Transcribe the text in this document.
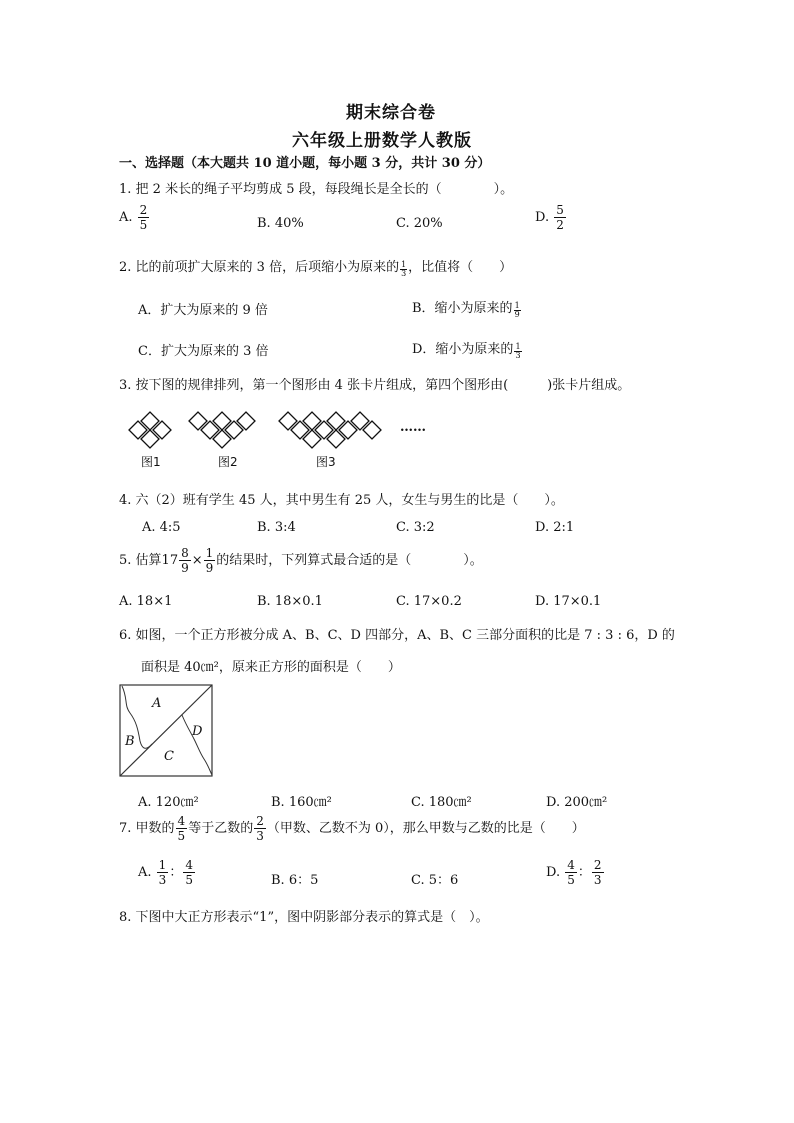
期末综合卷
六年级上册数学人教版
一、选择题（本大题共 10 道小题，每小题 3 分，共计 30 分）
1. 把 2 米长的绳子平均剪成 5 段，每段绳长是全长的（　　　　）。
A. $\frac{2}{5}$	B. 40%	C. 20%	D. $\frac{5}{2}$
2. 比的前项扩大原来的 3 倍，后项缩小为原来的 $\frac{1}{3}$ ，比值将（　　）
A．扩大为原来的 9 倍	B．缩小为原来的 $\frac{1}{9}$
C．扩大为原来的 3 倍	D．缩小为原来的 $\frac{1}{3}$
3. 按下图的规律排列，第一个图形由 4 张卡片组成，第四个图形由(　　　)张卡片组成。
……
图1	图2	图3
4. 六（2）班有学生 45 人，其中男生有 25 人，女生与男生的比是（　　）。
A. 4:5	B. 3:4	C. 3:2	D. 2:1
5. 估算 $17 \frac{8}{9} \times \frac{1}{9}$ 的结果时，下列算式最合适的是（　　　　）。
A. 18×1	B. 18×0.1	C. 17×0.2	D. 17×0.1
6. 如图，一个正方形被分成 A、B、C、D 四部分，A、B、C 三部分面积的比是 7 : 3 : 6，D 的
面积是 40㎝²，原来正方形的面积是（　　）
A
B
C
D
A. 120㎝²	B. 160㎝²	C. 180㎝²	D. 200㎝²
7. 甲数的 $\frac{4}{5}$ 等于乙数的 $\frac{2}{3}$ （甲数、乙数不为 0），那么甲数与乙数的比是（　　）
A. $\frac{1}{3}$ ： $\frac{4}{5}$	B. 6：5	C. 5：6
D. $\frac{4}{5}$ ： $\frac{2}{3}$
8. 下图中大正方形表示“1”，图中阴影部分表示的算式是（　）。
